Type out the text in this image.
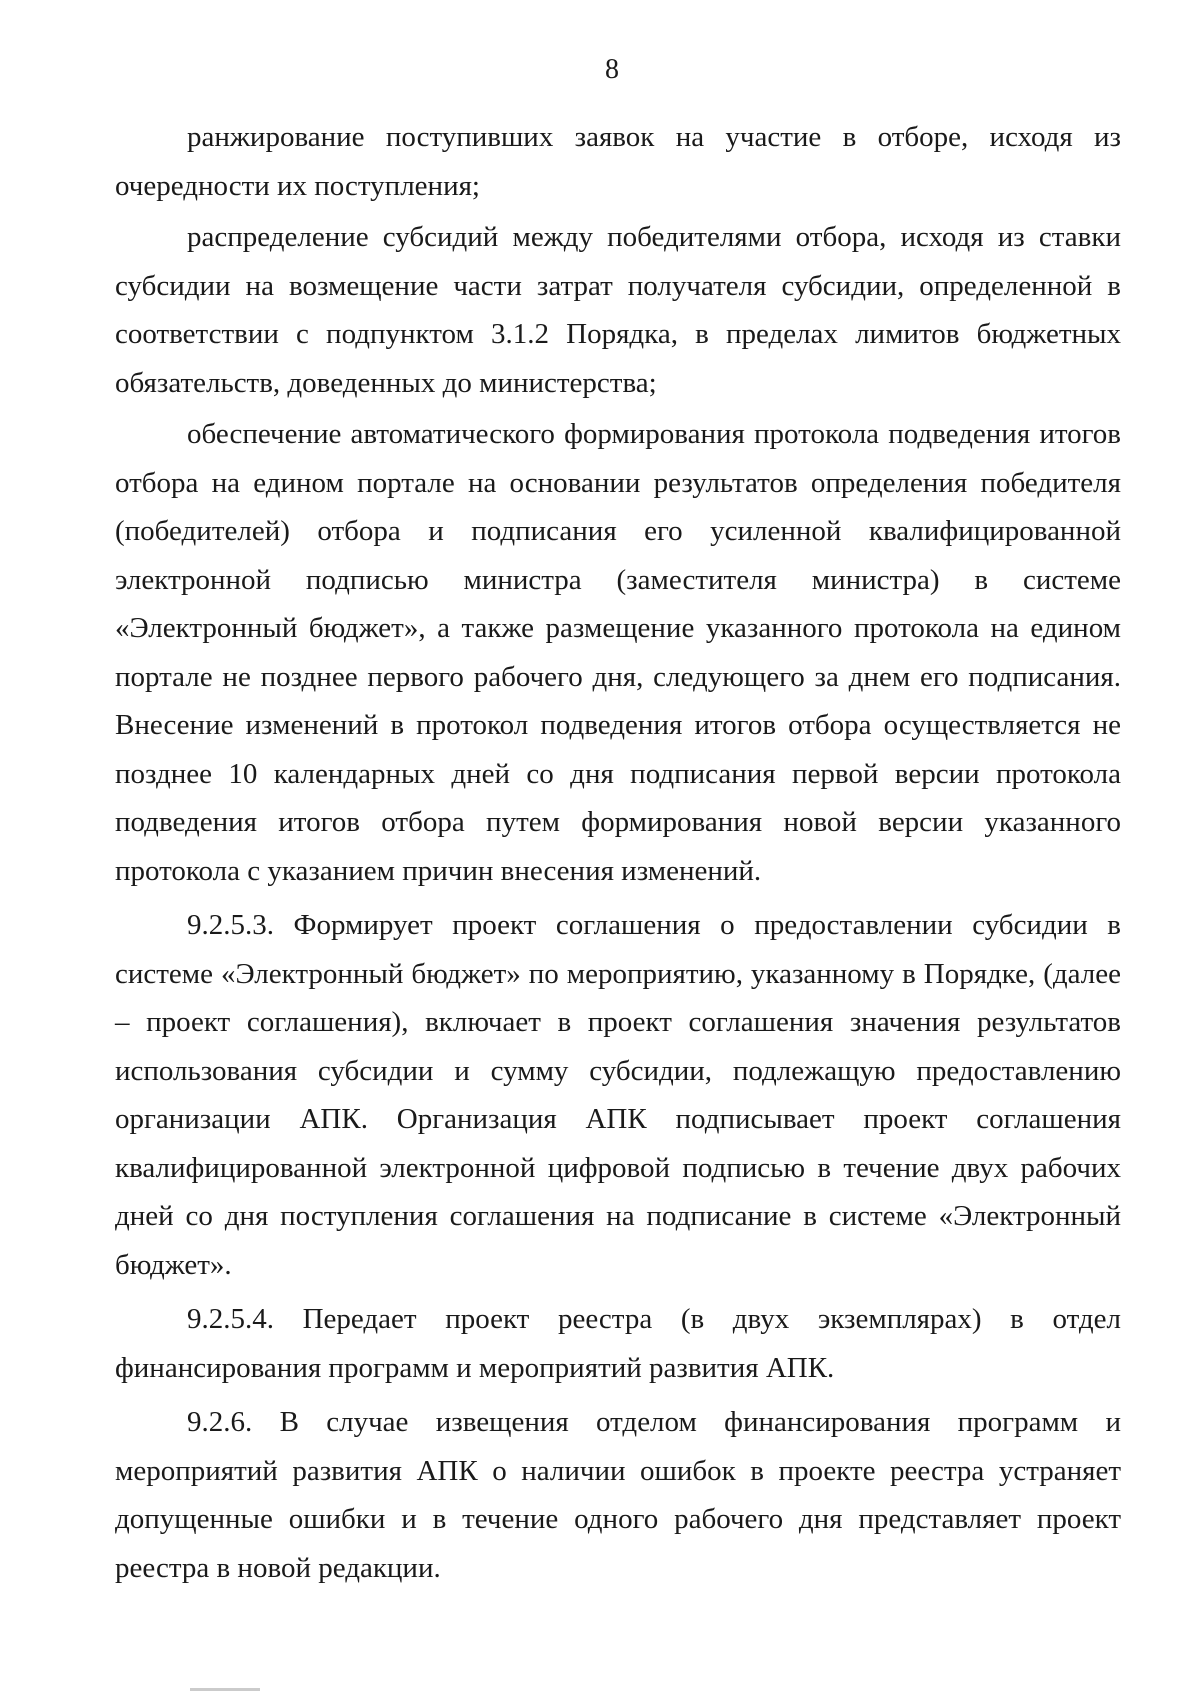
8

ранжирование поступивших заявок на участие в отборе, исходя из очередности их поступления;

распределение субсидий между победителями отбора, исходя из ставки субсидии на возмещение части затрат получателя субсидии, определенной в соответствии с подпунктом 3.1.2 Порядка, в пределах лимитов бюджетных обязательств, доведенных до министерства;

обеспечение автоматического формирования протокола подведения итогов отбора на едином портале на основании результатов определения победителя (победителей) отбора и подписания его усиленной квалифицированной электронной подписью министра (заместителя министра) в системе «Электронный бюджет», а также размещение указанного протокола на едином портале не позднее первого рабочего дня, следующего за днем его подписания. Внесение изменений в протокол подведения итогов отбора осуществляется не позднее 10 календарных дней со дня подписания первой версии протокола подведения итогов отбора путем формирования новой версии указанного протокола с указанием причин внесения изменений.

9.2.5.3. Формирует проект соглашения о предоставлении субсидии в системе «Электронный бюджет» по мероприятию, указанному в Порядке, (далее – проект соглашения), включает в проект соглашения значения результатов использования субсидии и сумму субсидии, подлежащую предоставлению организации АПК. Организация АПК подписывает проект соглашения квалифицированной электронной цифровой подписью в течение двух рабочих дней со дня поступления соглашения на подписание в системе «Электронный бюджет».

9.2.5.4. Передает проект реестра (в двух экземплярах) в отдел финансирования программ и мероприятий развития АПК.

9.2.6. В случае извещения отделом финансирования программ и мероприятий развития АПК о наличии ошибок в проекте реестра устраняет допущенные ошибки и в течение одного рабочего дня представляет проект реестра в новой редакции.
